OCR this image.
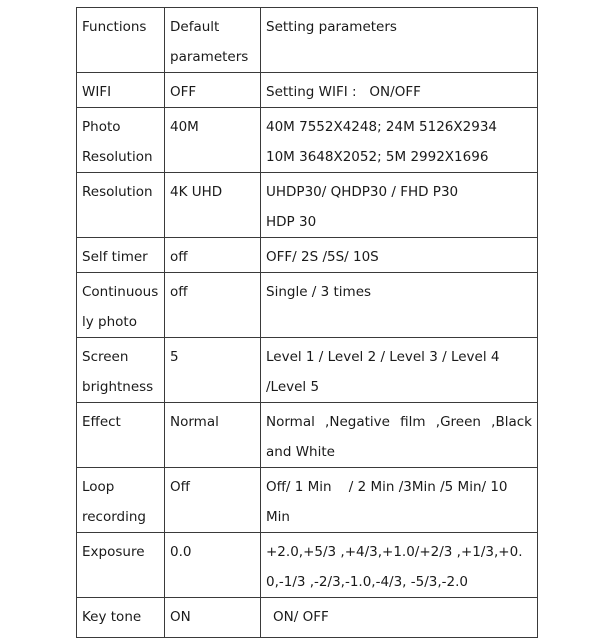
Functions	Default parameters	Setting parameters
WIFI	OFF	Setting WIFI :   ON/OFF
Photo Resolution	40M	40M 7552X4248; 24M 5126X2934
10M 3648X2052; 5M 2992X1696

Resolution	4K UHD	UHDP30/ QHDP30 / FHD P30
HDP 30

Self timer	off	OFF/ 2S /5S/ 10S
Continuously photo	off	Single / 3 times
Screen brightness	5	Level 1 / Level 2 / Level 3 / Level 4    /Level 5
Effect	Normal	Normal ,Negative film ,Green ,Black and White
Loop recording	Off	Off/ 1 Min    / 2 Min /3Min /5 Min/ 10 Min
Exposure	0.0	+2.0,+5/3 ,+4/3,+1.0/+2/3 ,+1/3,+0.0,-1/3 ,-2/3,-1.0,-4/3, -5/3,-2.0
Key tone	ON	ON/ OFF
